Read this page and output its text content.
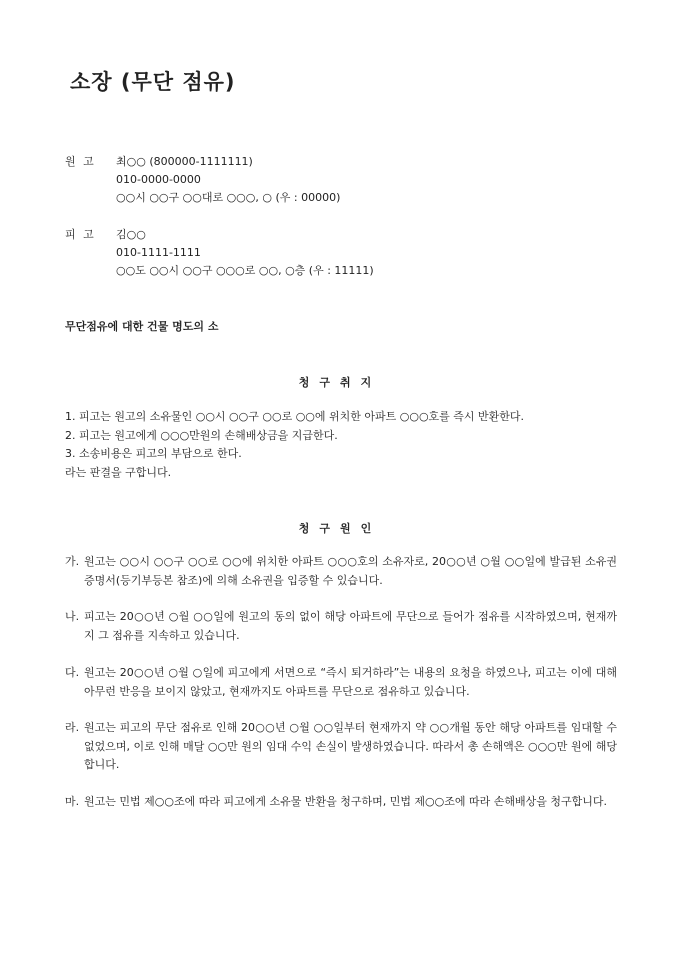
소장 (무단 점유)
원 고	최○○ (800000-1111111)
010-0000-0000
○○시 ○○구 ○○대로 ○○○, ○ (우 : 00000)
피 고	김○○
010-1111-1111
○○도 ○○시 ○○구 ○○○로 ○○, ○층 (우 : 11111)
무단점유에 대한 건물 명도의 소
청구취지
1. 피고는 원고의 소유물인 ○○시 ○○구 ○○로 ○○에 위치한 아파트 ○○○호를 즉시 반환한다.
2. 피고는 원고에게 ○○○만원의 손해배상금을 지급한다.
3. 소송비용은 피고의 부담으로 한다.
라는 판결을 구합니다.
청구원인
가. 원고는 ○○시 ○○구 ○○로 ○○에 위치한 아파트 ○○○호의 소유자로, 20○○년 ○월 ○○일에 발급된 소유권 증명서(등기부등본 참조)에 의해 소유권을 입증할 수 있습니다.
나. 피고는 20○○년 ○월 ○○일에 원고의 동의 없이 해당 아파트에 무단으로 들어가 점유를 시작하였으며, 현재까지 그 점유를 지속하고 있습니다.
다. 원고는 20○○년 ○월 ○일에 피고에게 서면으로 “즉시 퇴거하라”는 내용의 요청을 하였으나, 피고는 이에 대해 아무런 반응을 보이지 않았고, 현재까지도 아파트를 무단으로 점유하고 있습니다.
라. 원고는 피고의 무단 점유로 인해 20○○년 ○월 ○○일부터 현재까지 약 ○○개월 동안 해당 아파트를 임대할 수 없었으며, 이로 인해 매달 ○○만 원의 임대 수익 손실이 발생하였습니다. 따라서 총 손해액은 ○○○만 원에 해당합니다.
마. 원고는 민법 제○○조에 따라 피고에게 소유물 반환을 청구하며, 민법 제○○조에 따라 손해배상을 청구합니다.
